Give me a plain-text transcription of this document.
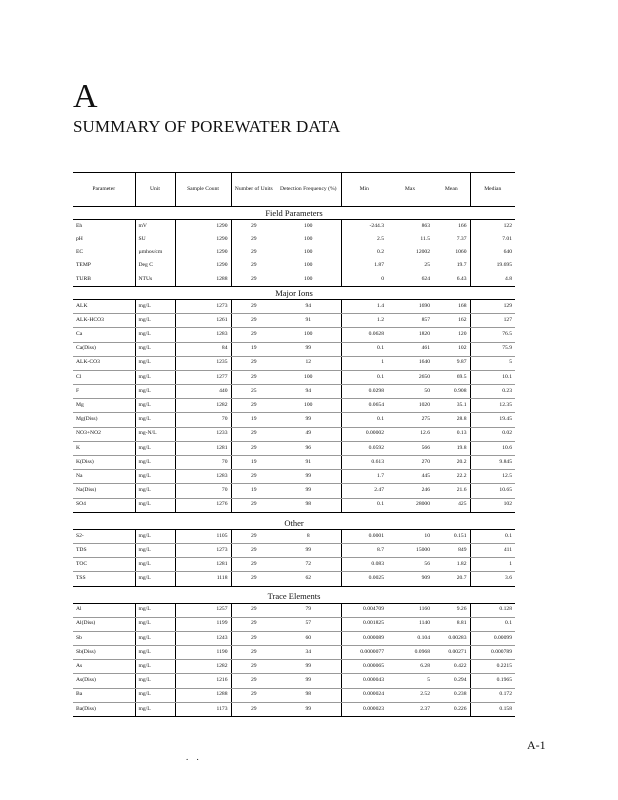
A
SUMMARY OF POREWATER DATA
Parameter	Unit	Sample Count	Number of Units	Detection Frequency (%)	Min	Max	Mean	Median
Field Parameters								
Eh	mV	1290	29	100	-244.3	863	166	122
pH	SU	1290	29	100	2.5	11.5	7.37	7.01
EC	µmhos/cm	1290	29	100	0.2	12002	1060	640
TEMP	Deg C	1290	29	100	1.87	25	19.7	19.695
TURB	NTUs	1288	29	100	0	624	6.43	4.8
Major Ions								
ALK	mg/L	1273	29	94	1.4	1690	168	129
ALK-HCO3	mg/L	1261	29	91	1.2	857	162	127
Ca	mg/L	1283	29	100	0.0628	1820	120	76.5
Ca(Diss)	mg/L	84	19	99	0.1	461	102	75.9
ALK-CO3	mg/L	1235	29	12	1	1640	9.87	5
Cl	mg/L	1277	29	100	0.1	2650	69.5	10.1
F	mg/L	440	25	94	0.0298	50	0.908	0.23
Mg	mg/L	1282	29	100	0.0654	1020	35.1	12.35
Mg(Diss)	mg/L	70	19	99	0.1	275	28.8	19.45
NO3+NO2	mg-N/L	1233	29	49	0.00002	12.6	0.13	0.02
K	mg/L	1281	29	96	0.0592	566	19.8	10.6
K(Diss)	mg/L	70	19	91	0.613	270	20.2	9.845
Na	mg/L	1283	29	99	1.7	445	22.2	12.5
Na(Diss)	mg/L	70	19	99	2.47	246	21.6	10.65
SO4	mg/L	1276	29	98	0.1	28000	425	102

Other								
S2-	mg/L	1105	29	8	0.0001	10	0.151	0.1
TDS	mg/L	1273	29	99	8.7	15000	849	411
TOC	mg/L	1281	29	72	0.083	56	1.82	1
TSS	mg/L	1118	29	62	0.0025	909	20.7	3.6

Trace Elements								
Al	mg/L	1257	29	79	0.004709	1160	9.26	0.128
Al(Diss)	mg/L	1199	29	57	0.001825	1140	8.81	0.1
Sb	mg/L	1243	29	60	0.000089	0.104	0.00283	0.00099
Sb(Diss)	mg/L	1190	29	34	0.0000077	0.0968	0.00271	0.000789
As	mg/L	1282	29	99	0.000065	6.28	0.422	0.2215
As(Diss)	mg/L	1216	29	99	0.000043	5	0.294	0.1965
Ba	mg/L	1288	29	98	0.000024	2.52	0.238	0.172
Ba(Diss)	mg/L	1173	29	99	0.000023	2.37	0.226	0.158
A-1
. .
